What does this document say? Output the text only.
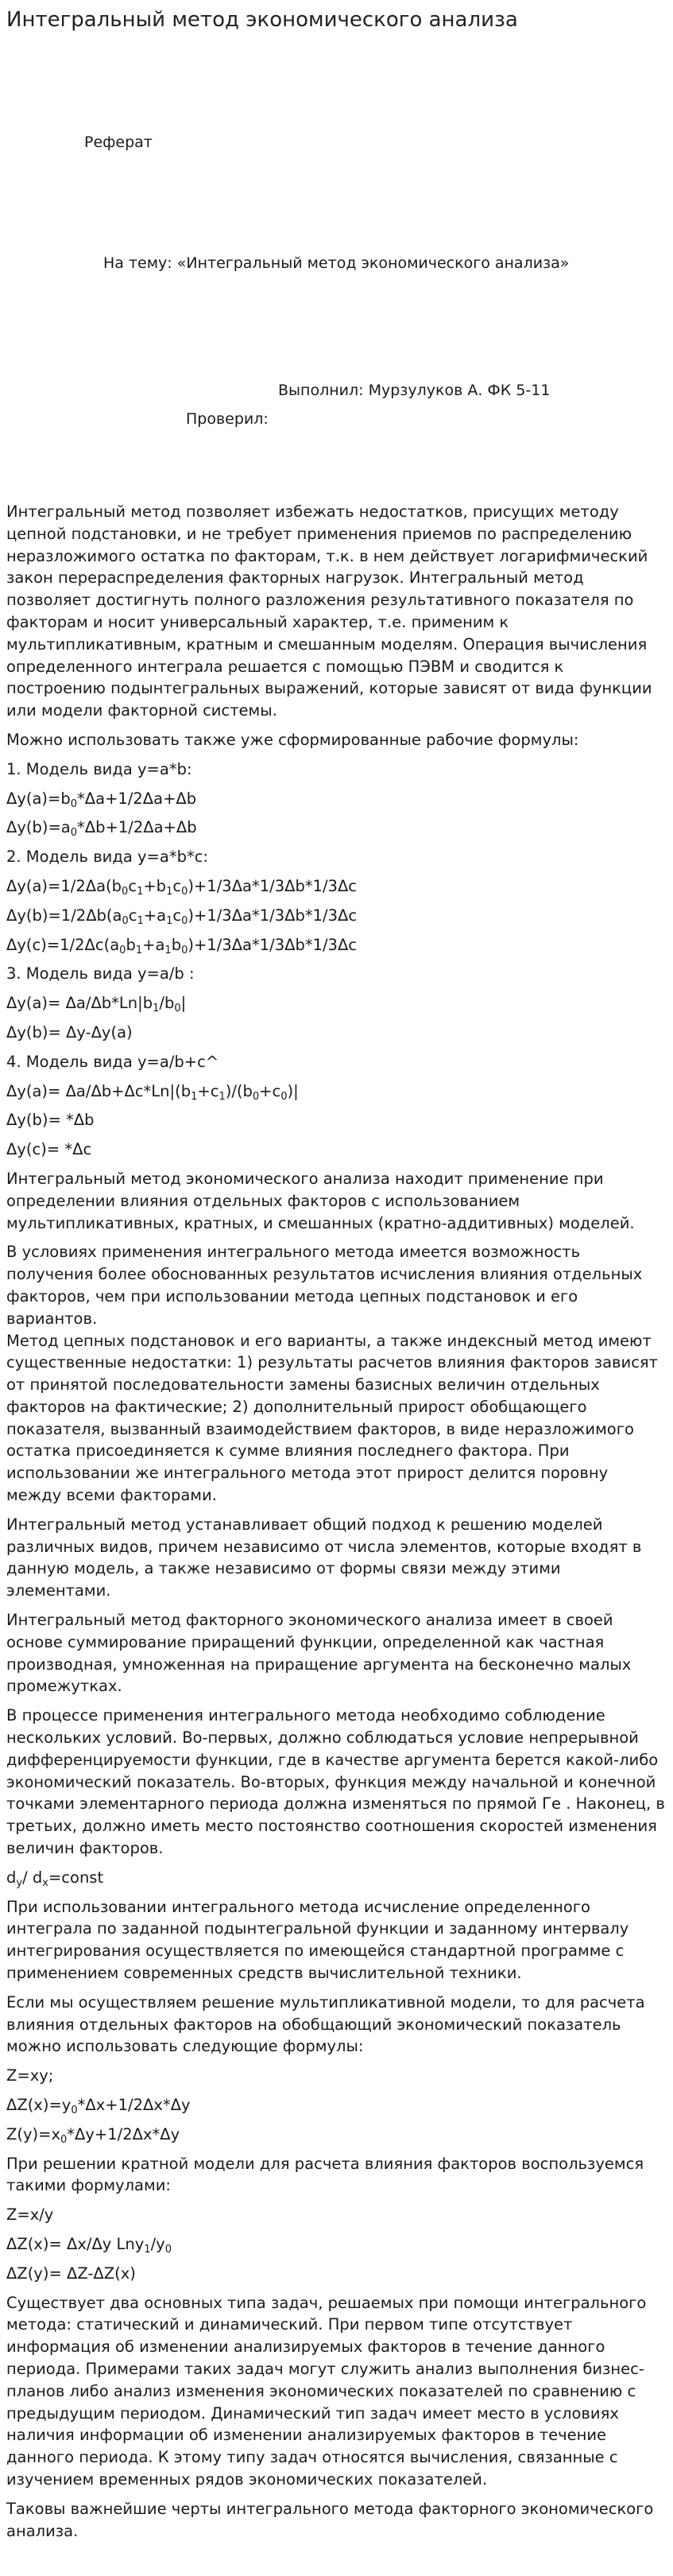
Интегральный метод экономического анализа
Реферат
На тему: «Интегральный метод экономического анализа»
Выполнил: Мурзулуков А. ФК 5-11
Проверил:

Интегральный метод позволяет избежать недостатков, присущих методу цепной подстановки, и не требует применения приемов по распределению неразложимого остатка по факторам, т.к. в нем действует логарифмический закон перераспределения факторных нагрузок. Интегральный метод позволяет достигнуть полного разложения результативного показателя по факторам и носит универсальный характер, т.е. применим к мультипликативным, кратным и смешанным моделям. Операция вычисления определенного интеграла решается с помощью ПЭВМ и сводится к построению подынтегральных выражений, которые зависят от вида функции или модели факторной системы.

Можно использовать также уже сформированные рабочие формулы:

1. Модель вида y=a*b:

$\Delta y(a)=b_0*\Delta a+1/2\Delta a+\Delta b$

$\Delta y(b)=a_0*\Delta b+1/2\Delta a+\Delta b$

2. Модель вида y=a*b*c:

$\Delta y(a)=1/2\Delta a(b_0c_1+b_1c_0)+1/3\Delta a*1/3\Delta b*1/3\Delta c$

$\Delta y(b)=1/2\Delta b(a_0c_1+a_1c_0)+1/3\Delta a*1/3\Delta b*1/3\Delta c$

$\Delta y(c)=1/2\Delta c(a_0b_1+a_1b_0)+1/3\Delta a*1/3\Delta b*1/3\Delta c$

3. Модель вида y=a/b :

$\Delta y(a)= \Delta a/\Delta b*Ln|b_1/b_0|$

Δy(b)= Δy-Δy(a)

4. Модель вида y=a/b+c^

$\Delta y(a)= \Delta a/\Delta b+\Delta c*Ln|(b_1+c_1)/(b_0+c_0)|$

Δy(b)= *Δb

Δy(c)= *Δc

Интегральный метод экономического анализа находит применение при определении влияния отдельных факторов с использованием мультипликативных, кратных, и смешанных (кратно-аддитивных) моделей.

В условиях применения интегрального метода имеется возможность получения более обоснованных результатов исчисления влияния отдельных факторов, чем при использовании метода цепных подстановок и его вариантов.

Метод цепных подстановок и его варианты, а также индексный метод имеют существенные недостатки: 1) результаты расчетов влияния факторов зависят от принятой последовательности замены базисных величин отдельных факторов на фактические; 2) дополнительный прирост обобщающего показателя, вызванный взаимодействием факторов, в виде неразложимого остатка присоединяется к сумме влияния последнего фактора. При использовании же интегрального метода этот прирост делится поровну между всеми факторами.

Интегральный метод устанавливает общий подход к решению моделей различных видов, причем независимо от числа элементов, которые входят в данную модель, а также независимо от формы связи между этими элементами.

Интегральный метод факторного экономического анализа имеет в своей основе суммирование приращений функции, определенной как частная производная, умноженная на приращение аргумента на бесконечно малых промежутках.

В процессе применения интегрального метода необходимо соблюдение нескольких условий. Во-первых, должно соблюдаться условие непрерывной дифференцируемости функции, где в качестве аргумента берется какой-либо экономический показатель. Во-вторых, функция между начальной и конечной точками элементарного периода должна изменяться по прямой Ге . Наконец, в третьих, должно иметь место постоянство соотношения скоростей изменения величин факторов.

$d_y/$ $d_x=const$

При использовании интегрального метода исчисление определенного интеграла по заданной подынтегральной функции и заданному интервалу интегрирования осуществляется по имеющейся стандартной программе с применением современных средств вычислительной техники.

Если мы осуществляем решение мультипликативной модели, то для расчета влияния отдельных факторов на обобщающий экономический показатель можно использовать следующие формулы:

Z=xy;

$\Delta Z(x)=y_0*\Delta x+1/2\Delta x*\Delta y$

$Z(y)=x_0*\Delta y+1/2\Delta x*\Delta y$

При решении кратной модели для расчета влияния факторов воспользуемся такими формулами:

Z=x/y

ΔZ(x)= Δx/Δy $Lny_1/y_0$

ΔZ(y)= ΔZ-ΔZ(x)

Существует два основных типа задач, решаемых при помощи интегрального метода: статический и динамический. При первом типе отсутствует информация об изменении анализируемых факторов в течение данного периода. Примерами таких задач могут служить анализ выполнения бизнес-планов либо анализ изменения экономических показателей по сравнению с предыдущим периодом. Динамический тип задач имеет место в условиях наличия информации об изменении анализируемых факторов в течение данного периода. К этому типу задач относятся вычисления, связанные с изучением временных рядов экономических показателей.

Таковы важнейшие черты интегрального метода факторного экономического анализа.
